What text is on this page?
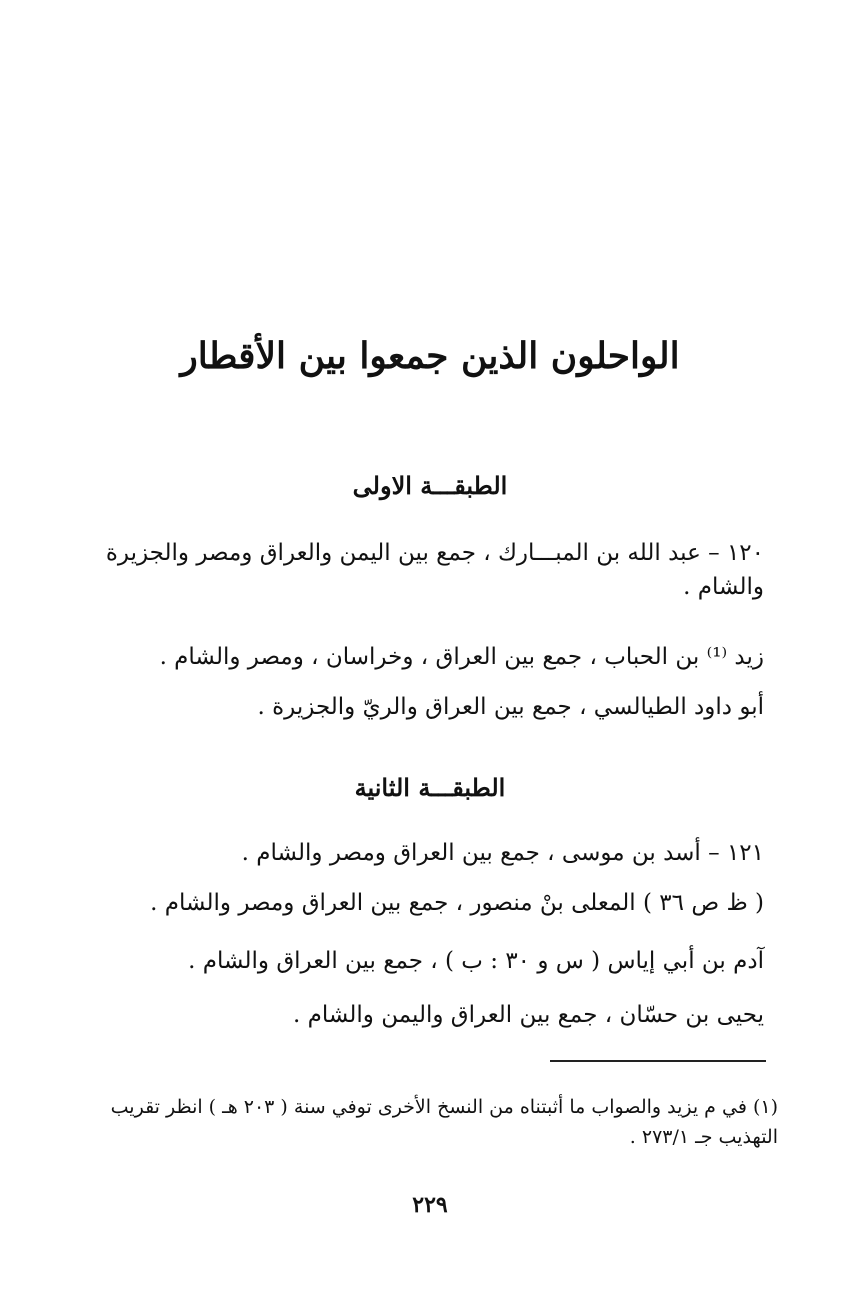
الواحلون الذين جمعوا بين الأقطار
الطبقـــة الاولى
١٢٠ – عبد الله بن المبـــارك ، جمع بين اليمن والعراق ومصر والجزيرة والشام .
زيد ⁽¹⁾ بن الحباب ، جمع بين العراق ، وخراسان ، ومصر والشام .
أبو داود الطيالسي ، جمع بين العراق والريّ والجزيرة .
الطبقـــة الثانية
١٢١ – أسد بن موسى ، جمع بين العراق ومصر والشام .
( ظ ص ٣٦ ) المعلى بنْ منصور ، جمع بين العراق ومصر والشام .
آدم بن أبي إياس ( س و ٣٠ : ب ) ، جمع بين العراق والشام .
يحيى بن حسّان ، جمع بين العراق واليمن والشام .
(١) في م يزيد والصواب ما أثبتناه من النسخ الأخرى توفي سنة ( ٢٠٣ هـ ) انظر تقريب التهذيب جـ ٢٧٣/١ .
٢٢٩
